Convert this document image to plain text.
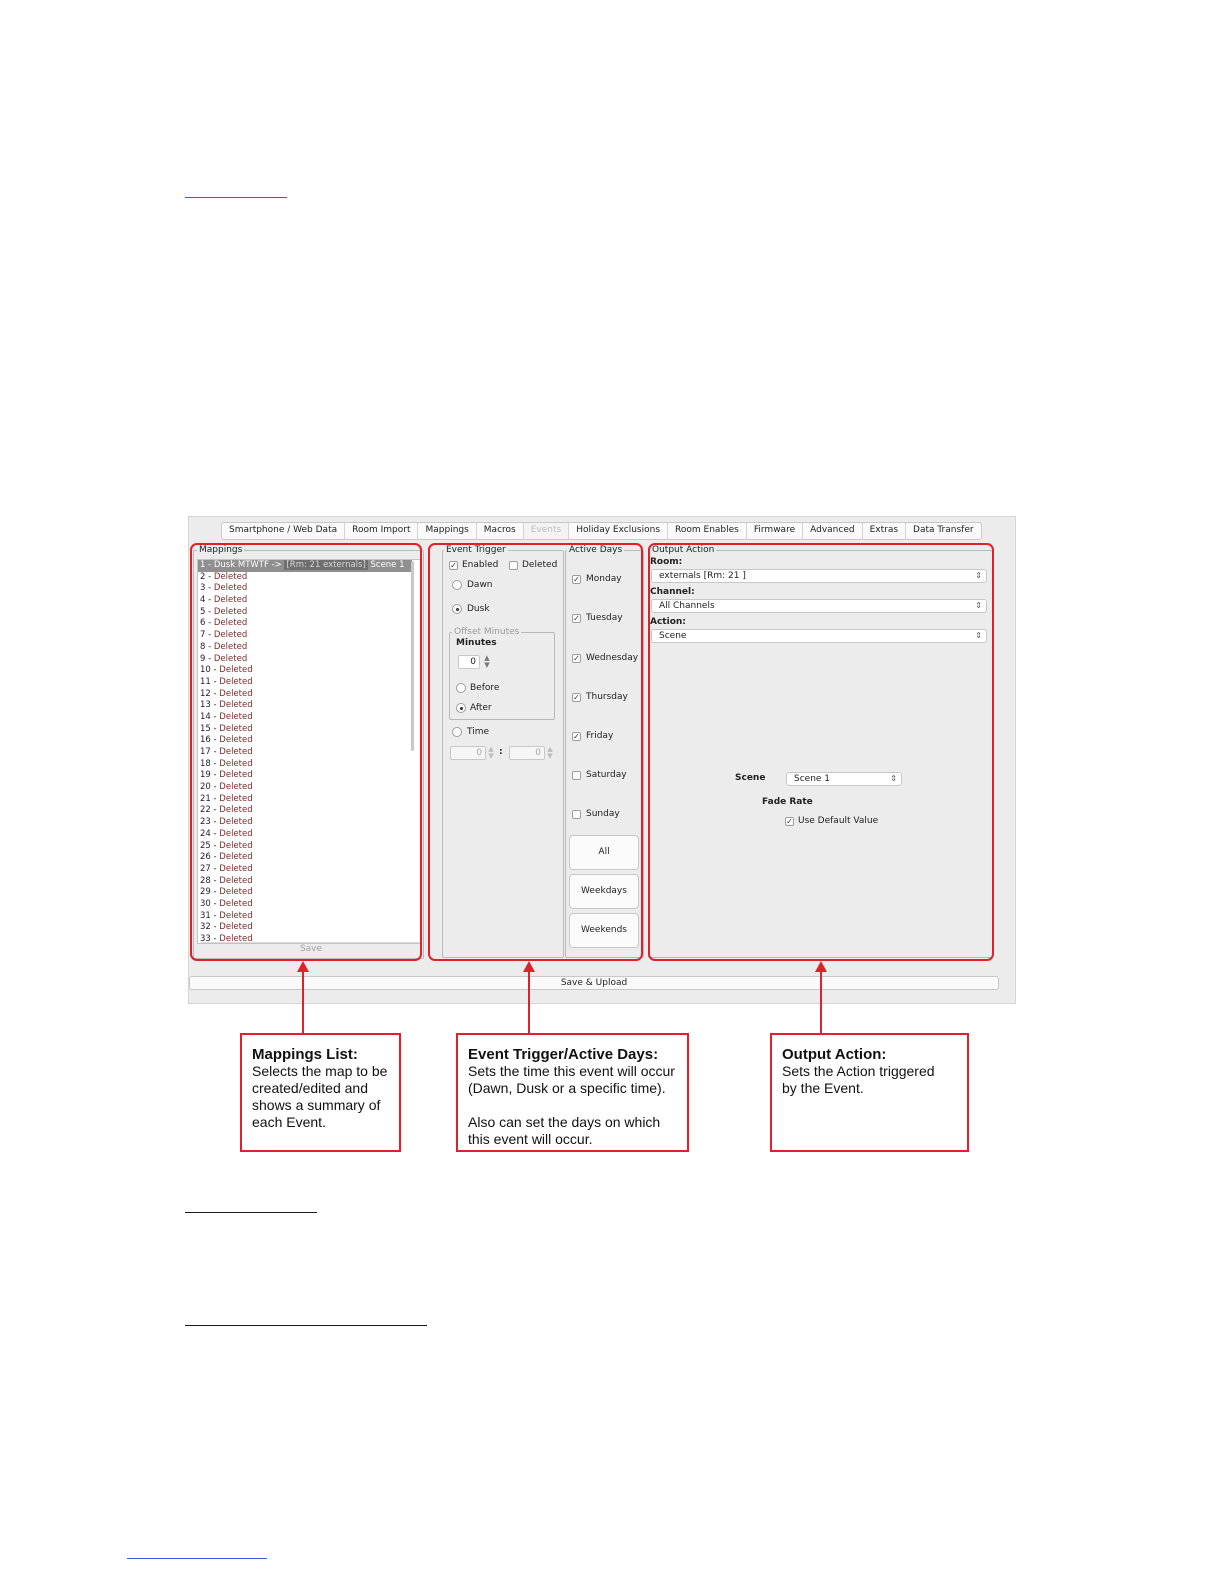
Smartphone / Web Data	Room Import	Mappings	Macros	Events	Holiday Exclusions	Room Enables	Firmware	Advanced	Extras	Data Transfer
Mappings
1 - Dusk MTWTF -> [Rm: 21 externals] Scene 1
2 - Deleted
3 - Deleted
4 - Deleted
5 - Deleted
6 - Deleted
7 - Deleted
8 - Deleted
9 - Deleted
10 - Deleted
11 - Deleted
12 - Deleted
13 - Deleted
14 - Deleted
15 - Deleted
16 - Deleted
17 - Deleted
18 - Deleted
19 - Deleted
20 - Deleted
21 - Deleted
22 - Deleted
23 - Deleted
24 - Deleted
25 - Deleted
26 - Deleted
27 - Deleted
28 - Deleted
29 - Deleted
30 - Deleted
31 - Deleted
32 - Deleted
33 - Deleted
Save
Event Trigger
✓ Enabled	Deleted
Dawn
Dusk
Offset Minutes
Minutes
0	▲
▼
Before
After
Time
0 ▲
▼ :	0 ▲
▼
Active Days
✓ Monday
✓ Tuesday
✓ Wednesday
✓ Thursday
✓ Friday
Saturday
Sunday
All
Weekdays
Weekends
Output Action
Room:
externals [Rm: 21 ]	⇕
Channel:
All Channels	⇕
Action:
Scene	⇕
Scene	Scene 1	⇕
Fade Rate
✓ Use Default Value
Save & Upload
Mappings List:
Selects the map to be
created/edited and
shows a summary of
each Event.
Event Trigger/Active Days:
Sets the time this event will occur
(Dawn, Dusk or a specific time).

Also can set the days on which
this event will occur.
Output Action:
Sets the Action triggered
by the Event.
